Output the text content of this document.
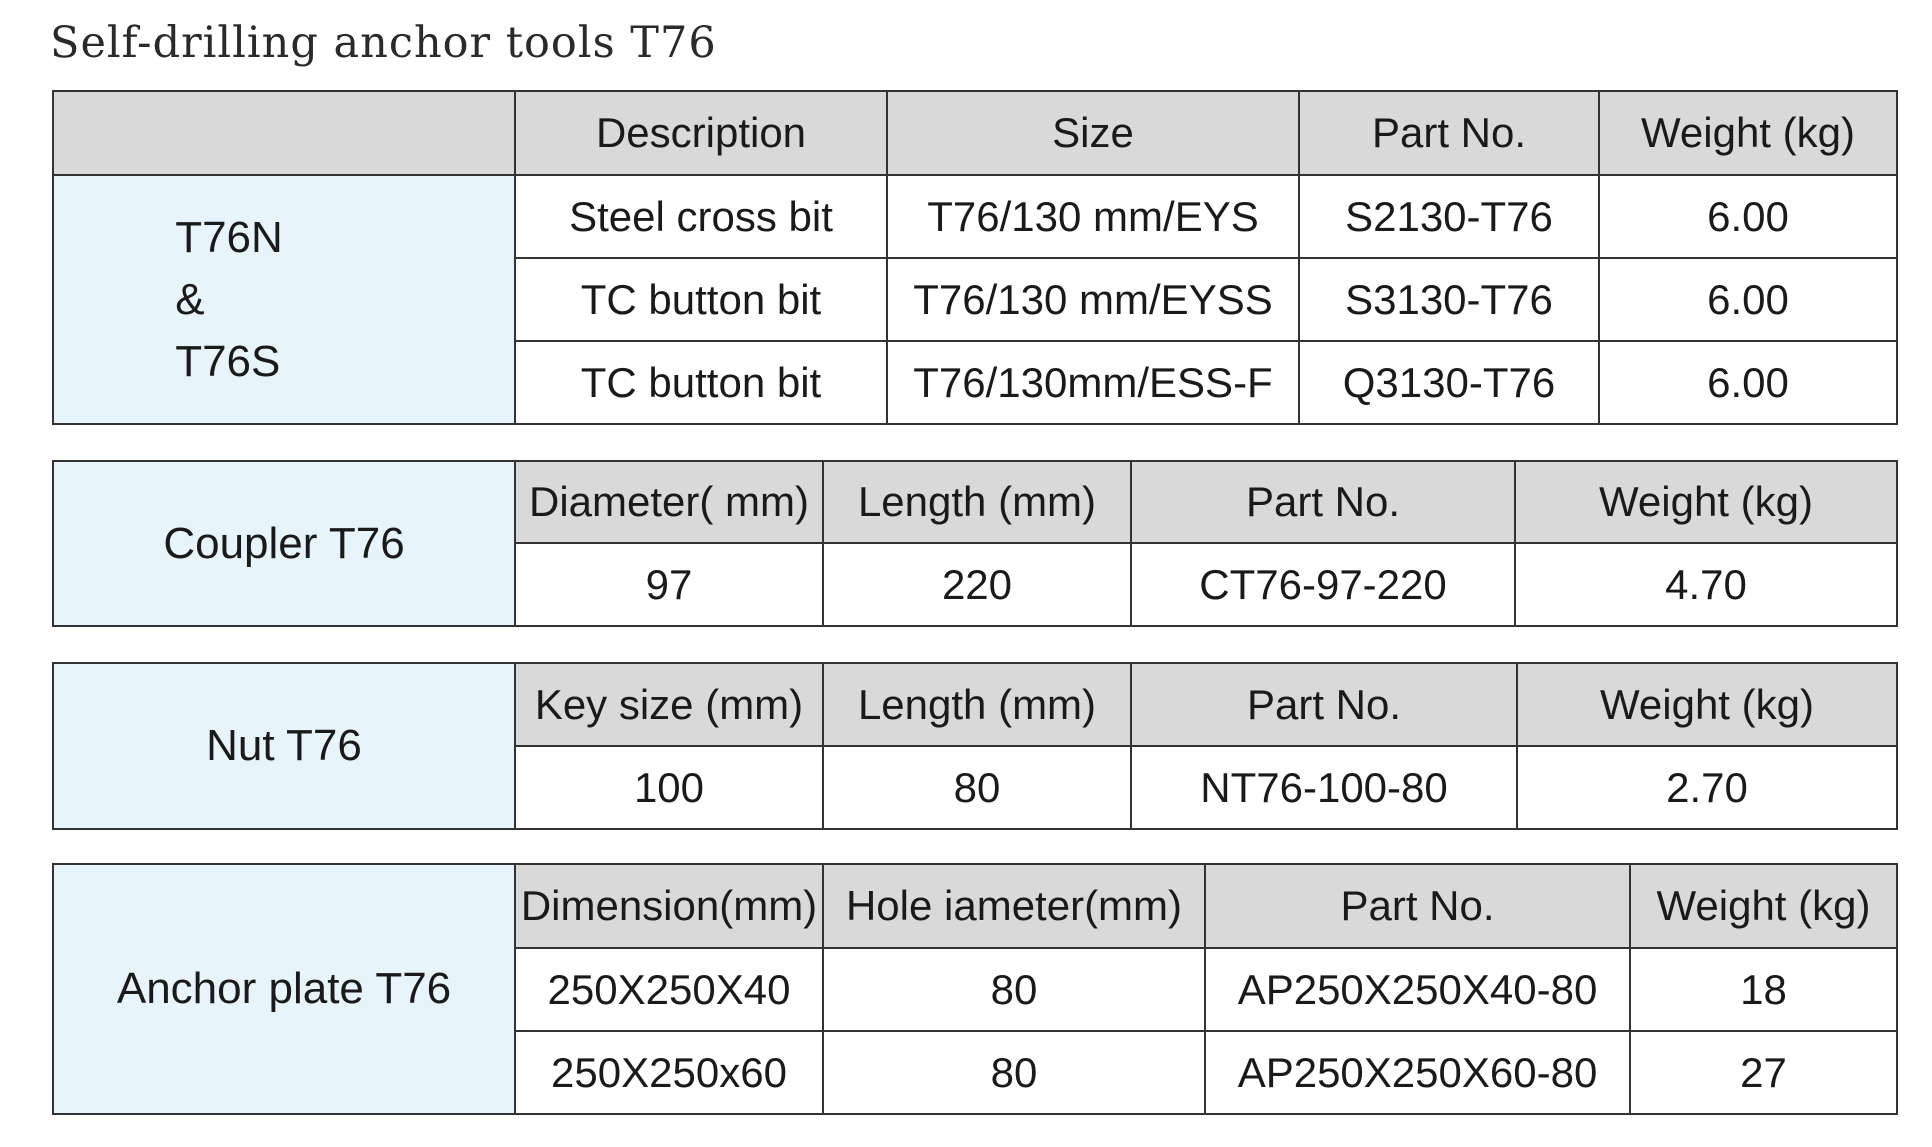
Self-drilling anchor tools T76
	Description	Size	Part No.	Weight (kg)

T76N
&
T76S	Steel cross bit	T76/130 mm/EYS	S2130-T76	6.00
	TC button bit	T76/130 mm/EYSS	S3130-T76	6.00
	TC button bit	T76/130mm/ESS-F	Q3130-T76	6.00
Coupler T76	Diameter( mm)	Length (mm)	Part No.	Weight (kg)
	97	220	CT76-97-220	4.70
Nut T76	Key size (mm)	Length (mm)	Part No.	Weight (kg)
	100	80	NT76-100-80	2.70
Anchor plate T76	Dimension(mm)	Hole iameter(mm)	Part No.	Weight (kg)
	250X250X40	80	AP250X250X40-80	18
	250X250x60	80	AP250X250X60-80	27
